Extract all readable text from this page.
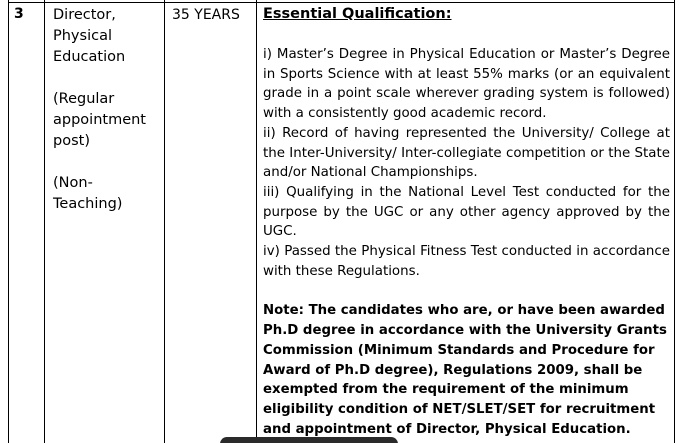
3 Director,

Physical

Education

(Regular

appointment

post)

(Non-

Teaching)

35 YEARS Essential Qualification:

i) Master’s Degree in Physical Education or Master’s Degree in Sports Science with at least 55% marks (or an equivalent grade in a point scale wherever grading system is followed) with a consistently good academic record.

ii) Record of having represented the University/ College at the Inter-University/ Inter-collegiate competition or the State and/or National Championships.

iii) Qualifying in the National Level Test conducted for the purpose by the UGC or any other agency approved by the UGC.

iv) Passed the Physical Fitness Test conducted in accordance with these Regulations.

Note: The candidates who are, or have been awarded Ph.D degree in accordance with the University Grants Commission (Minimum Standards and Procedure for Award of Ph.D degree), Regulations 2009, shall be exempted from the requirement of the minimum eligibility condition of NET/SLET/SET for recruitment and appointment of Director, Physical Education.
